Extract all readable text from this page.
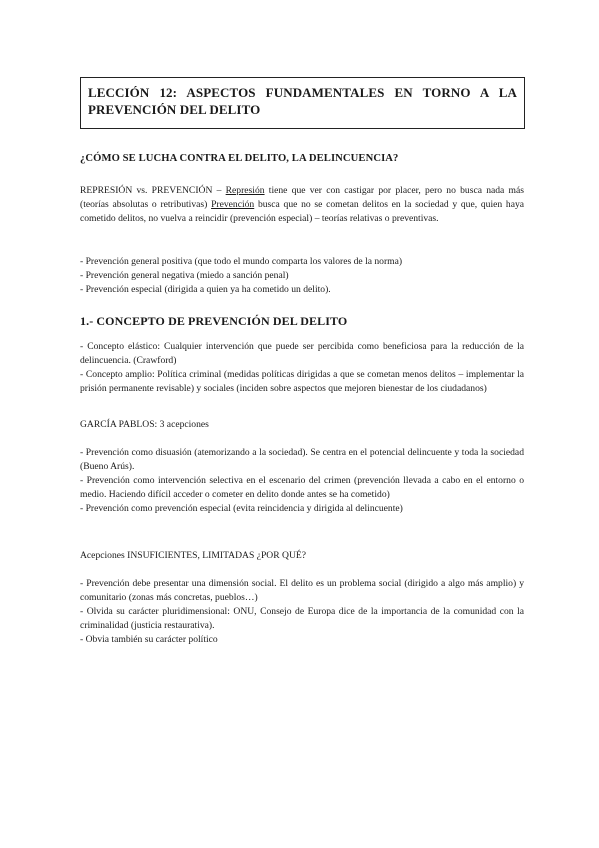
LECCIÓN 12: ASPECTOS FUNDAMENTALES EN TORNO A LA
PREVENCIÓN DEL DELITO

¿CÓMO SE LUCHA CONTRA EL DELITO, LA DELINCUENCIA?

REPRESIÓN vs. PREVENCIÓN – Represión tiene que ver con castigar por placer, pero no busca nada más (teorías absolutas o retributivas) Prevención busca que no se cometan delitos en la sociedad y que, quien haya cometido delitos, no vuelva a reincidir (prevención especial) – teorías relativas o preventivas.

- Prevención general positiva (que todo el mundo comparta los valores de la norma)

- Prevención general negativa (miedo a sanción penal)

- Prevención especial (dirigida a quien ya ha cometido un delito).

1.- CONCEPTO DE PREVENCIÓN DEL DELITO

- Concepto elástico: Cualquier intervención que puede ser percibida como beneficiosa para la reducción de la delincuencia. (Crawford)

- Concepto amplio: Política criminal (medidas políticas dirigidas a que se cometan menos delitos – implementar la prisión permanente revisable) y sociales (inciden sobre aspectos que mejoren bienestar de los ciudadanos)

GARCÍA PABLOS: 3 acepciones

- Prevención como disuasión (atemorizando a la sociedad). Se centra en el potencial delincuente y toda la sociedad (Bueno Arús).

- Prevención como intervención selectiva en el escenario del crimen (prevención llevada a cabo en el entorno o medio. Haciendo difícil acceder o cometer en delito donde antes se ha cometido)

- Prevención como prevención especial (evita reincidencia y dirigida al delincuente)

Acepciones INSUFICIENTES, LIMITADAS ¿POR QUÉ?

- Prevención debe presentar una dimensión social. El delito es un problema social (dirigido a algo más amplio) y comunitario (zonas más concretas, pueblos…)

- Olvida su carácter pluridimensional: ONU, Consejo de Europa dice de la importancia de la comunidad con la criminalidad (justicia restaurativa).

- Obvia también su carácter político
